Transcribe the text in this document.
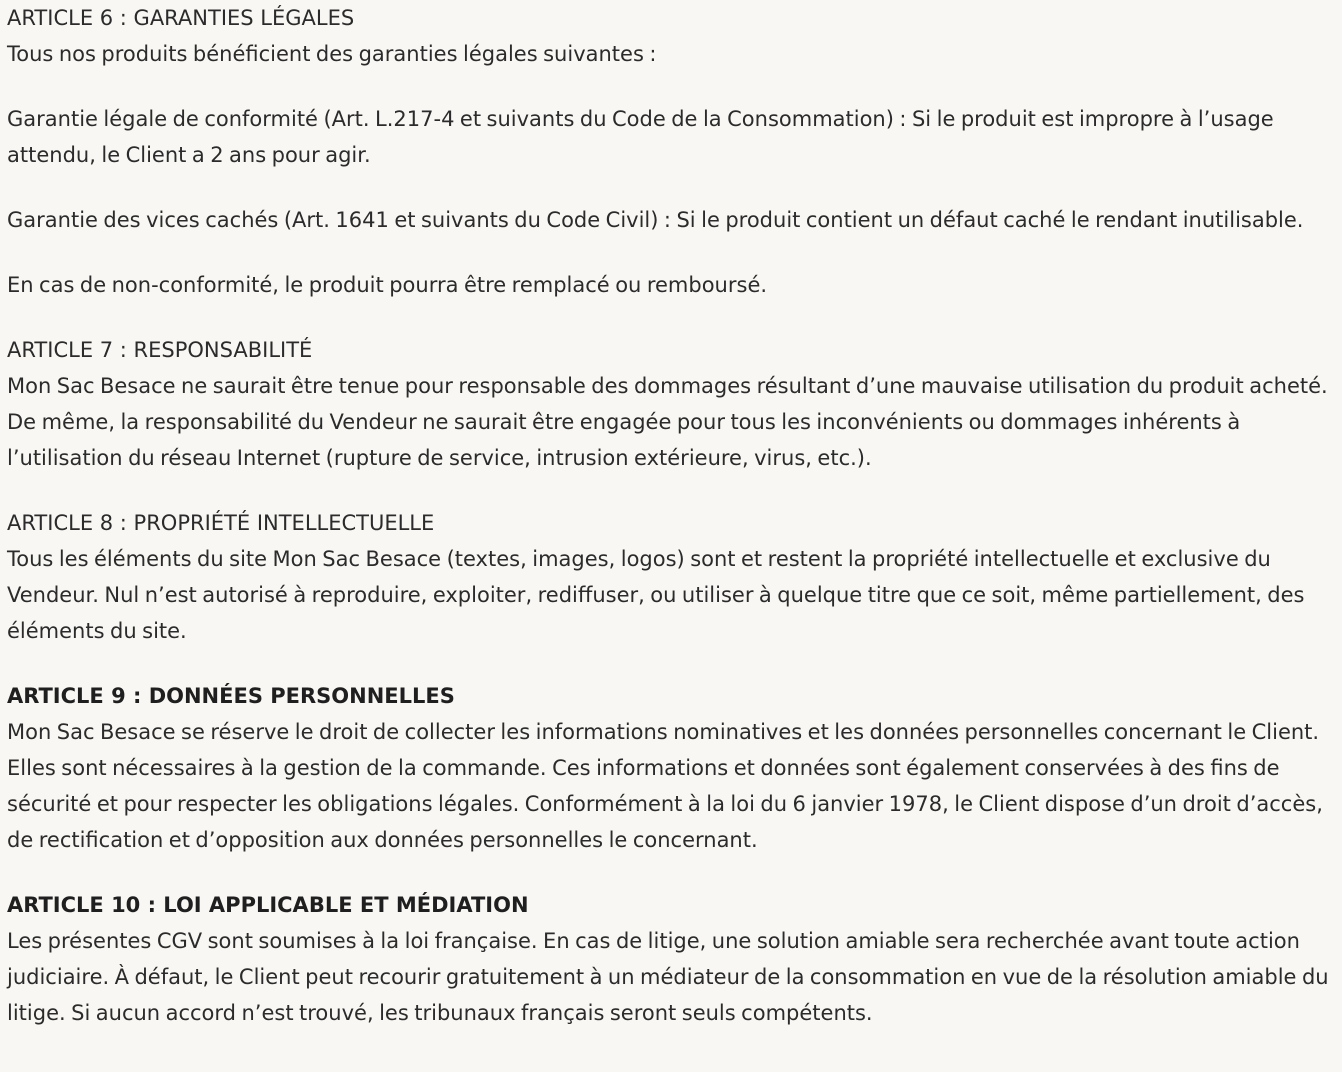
ARTICLE 6 : GARANTIES LÉGALES

Tous nos produits bénéficient des garanties légales suivantes :

Garantie légale de conformité (Art. L.217-4 et suivants du Code de la Consommation) : Si le produit est impropre à l’usage attendu, le Client a 2 ans pour agir.

Garantie des vices cachés (Art. 1641 et suivants du Code Civil) : Si le produit contient un défaut caché le rendant inutilisable.

En cas de non-conformité, le produit pourra être remplacé ou remboursé.

ARTICLE 7 : RESPONSABILITÉ

Mon Sac Besace ne saurait être tenue pour responsable des dommages résultant d’une mauvaise utilisation du produit acheté. De même, la responsabilité du Vendeur ne saurait être engagée pour tous les inconvénients ou dommages inhérents à l’utilisation du réseau Internet (rupture de service, intrusion extérieure, virus, etc.).

ARTICLE 8 : PROPRIÉTÉ INTELLECTUELLE

Tous les éléments du site Mon Sac Besace (textes, images, logos) sont et restent la propriété intellectuelle et exclusive du Vendeur. Nul n’est autorisé à reproduire, exploiter, rediffuser, ou utiliser à quelque titre que ce soit, même partiellement, des éléments du site.

ARTICLE 9 : DONNÉES PERSONNELLES

Mon Sac Besace se réserve le droit de collecter les informations nominatives et les données personnelles concernant le Client. Elles sont nécessaires à la gestion de la commande. Ces informations et données sont également conservées à des fins de sécurité et pour respecter les obligations légales. Conformément à la loi du 6 janvier 1978, le Client dispose d’un droit d’accès, de rectification et d’opposition aux données personnelles le concernant.

ARTICLE 10 : LOI APPLICABLE ET MÉDIATION

Les présentes CGV sont soumises à la loi française. En cas de litige, une solution amiable sera recherchée avant toute action judiciaire. À défaut, le Client peut recourir gratuitement à un médiateur de la consommation en vue de la résolution amiable du litige. Si aucun accord n’est trouvé, les tribunaux français seront seuls compétents.
